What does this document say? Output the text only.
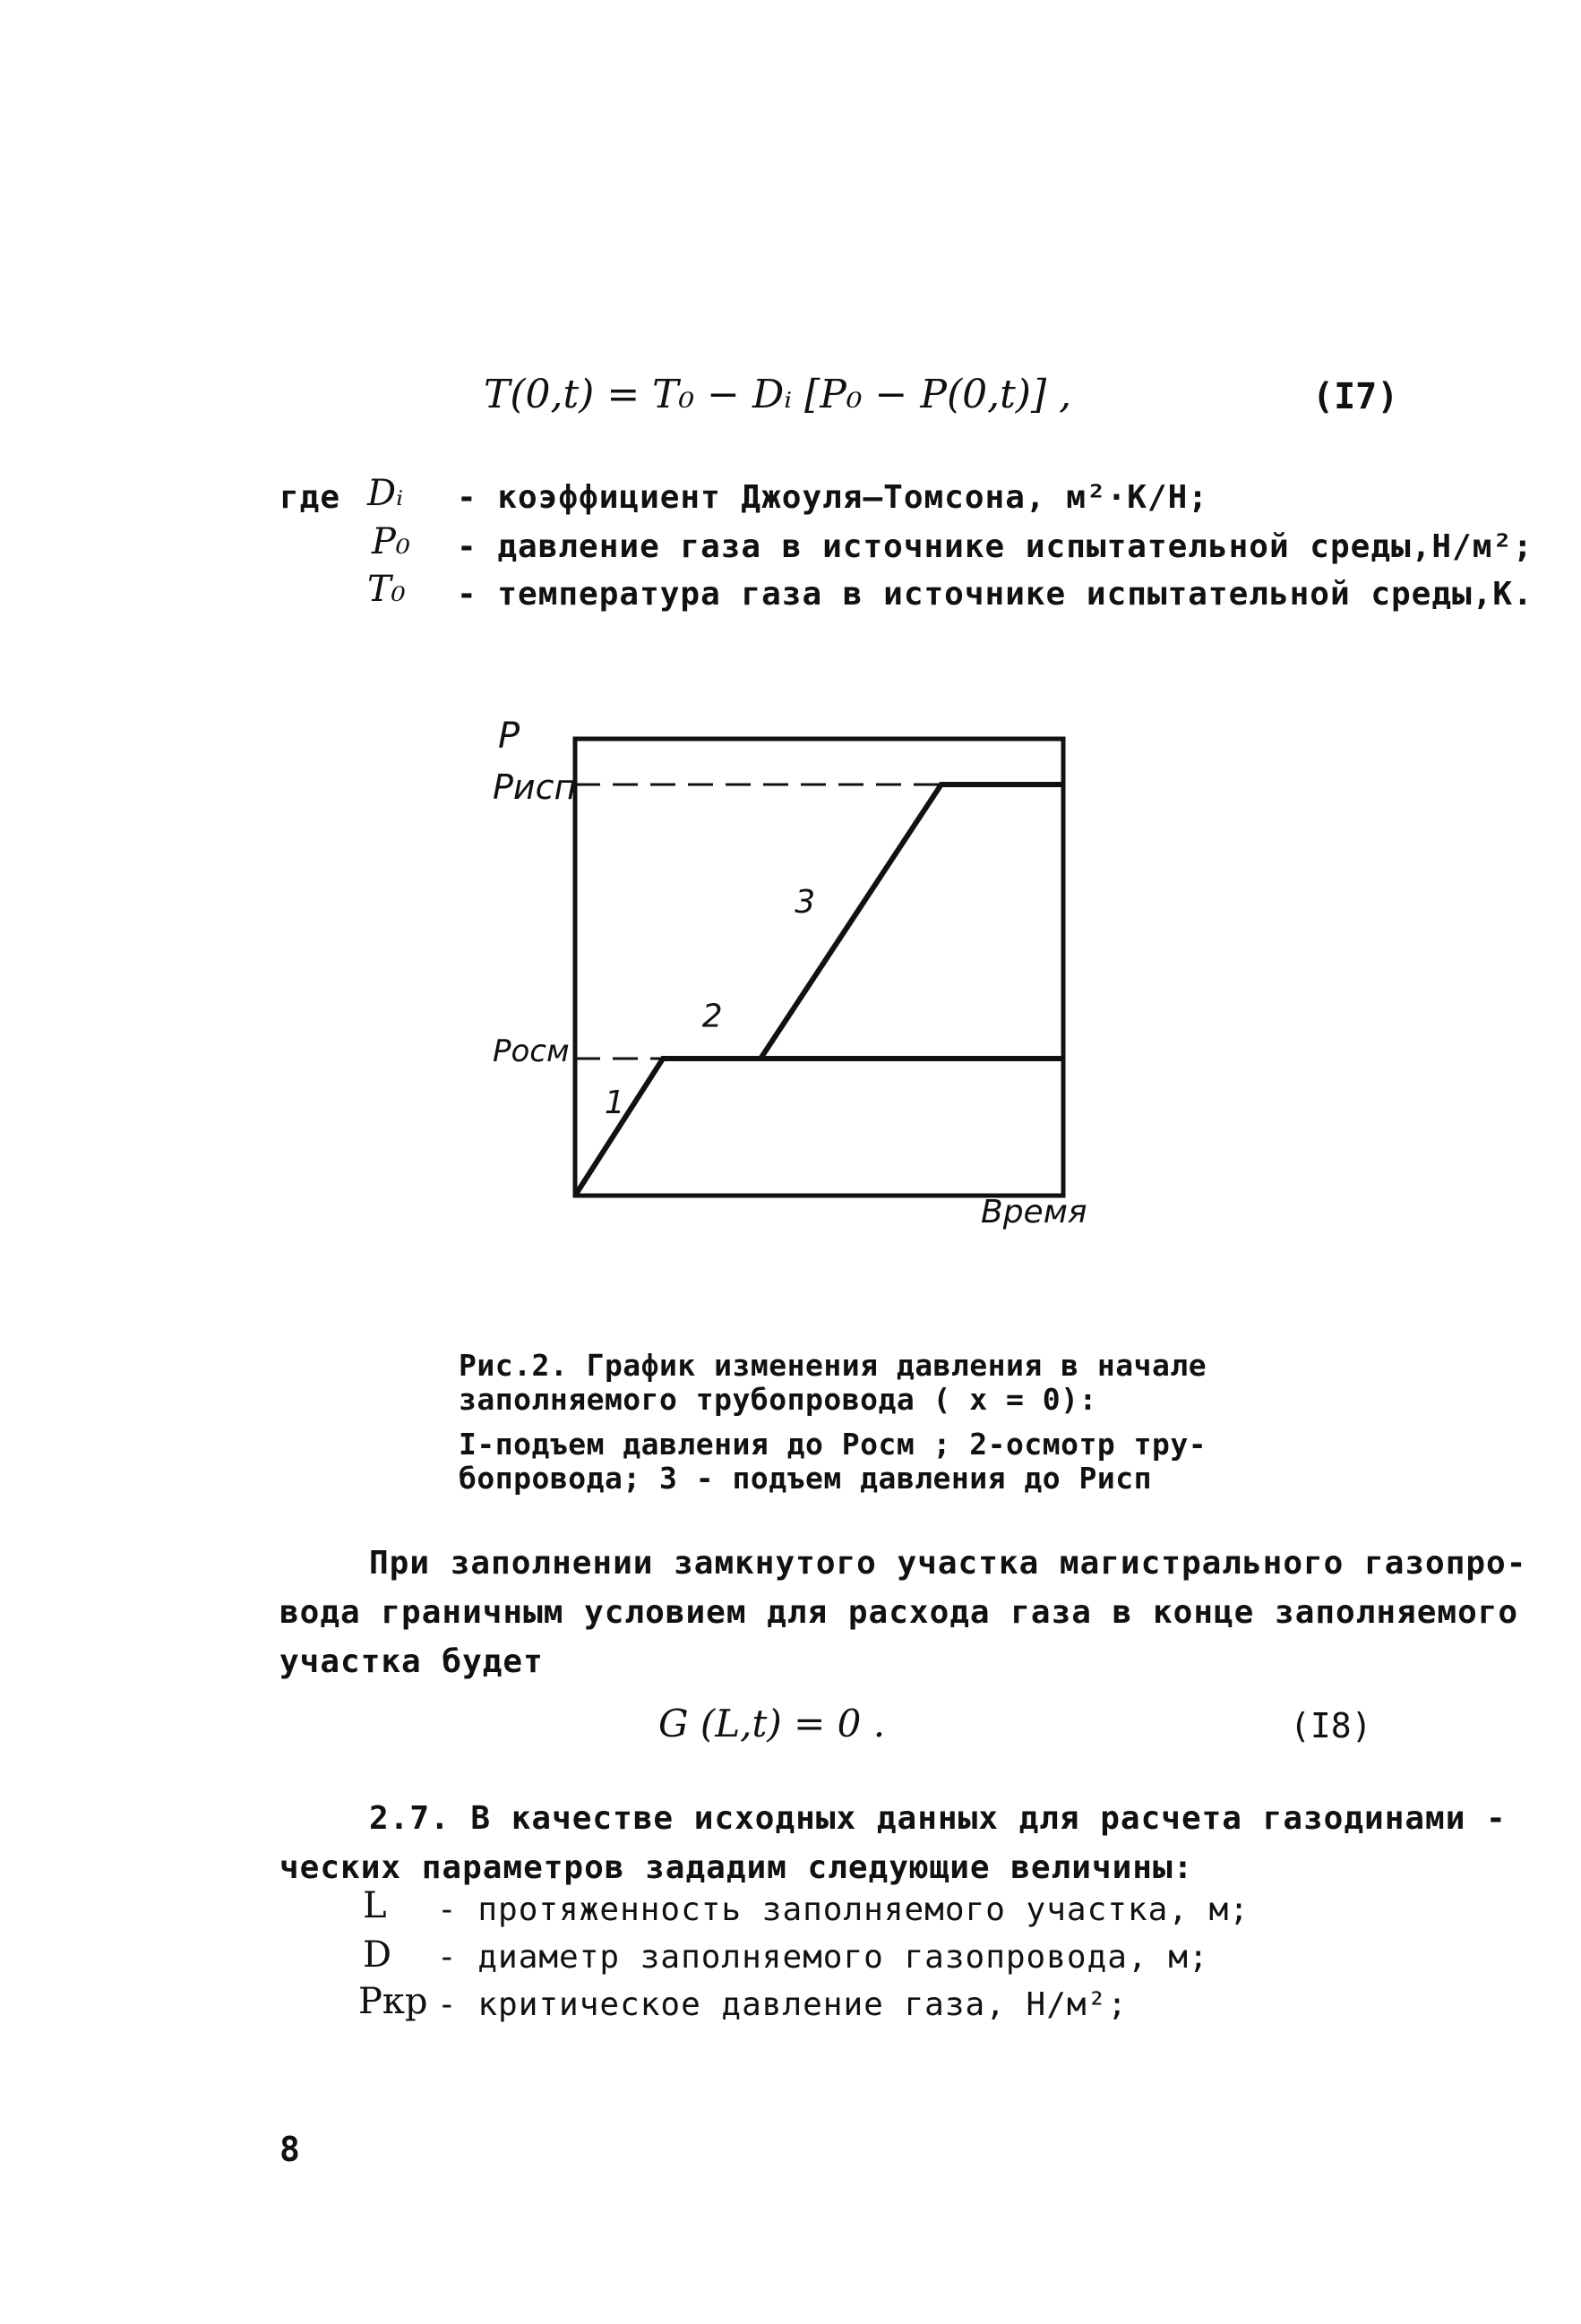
T(0,t) = T₀ − Dᵢ [P₀ − P(0,t)] ,	(I7)
где Dᵢ - коэффициент Джоуля–Томсона, м²·К/Н;
P₀ - давление газа в источнике испытательной среды,Н/м²;
T₀ - температура газа в источнике испытательной среды,К.
P
Pисп
Pосм
Время
1
2
3
Рис.2. График изменения давления в начале
заполняемого трубопровода ( x = 0):
I-подъем давления до Pосм ; 2-осмотр тру-
бопровода; 3 - подъем давления до Pисп
При заполнении замкнутого участка магистрального газопро-
вода граничным условием для расхода газа в конце заполняемого
участка будет
G (L,t) = 0 .	(I8)
2.7. В качестве исходных данных для расчета газодинами -
ческих параметров зададим следующие величины:
L - протяженность заполняемого участка, м;
D - диаметр заполняемого газопровода, м;
Pкр - критическое давление газа, Н/м²;
8
